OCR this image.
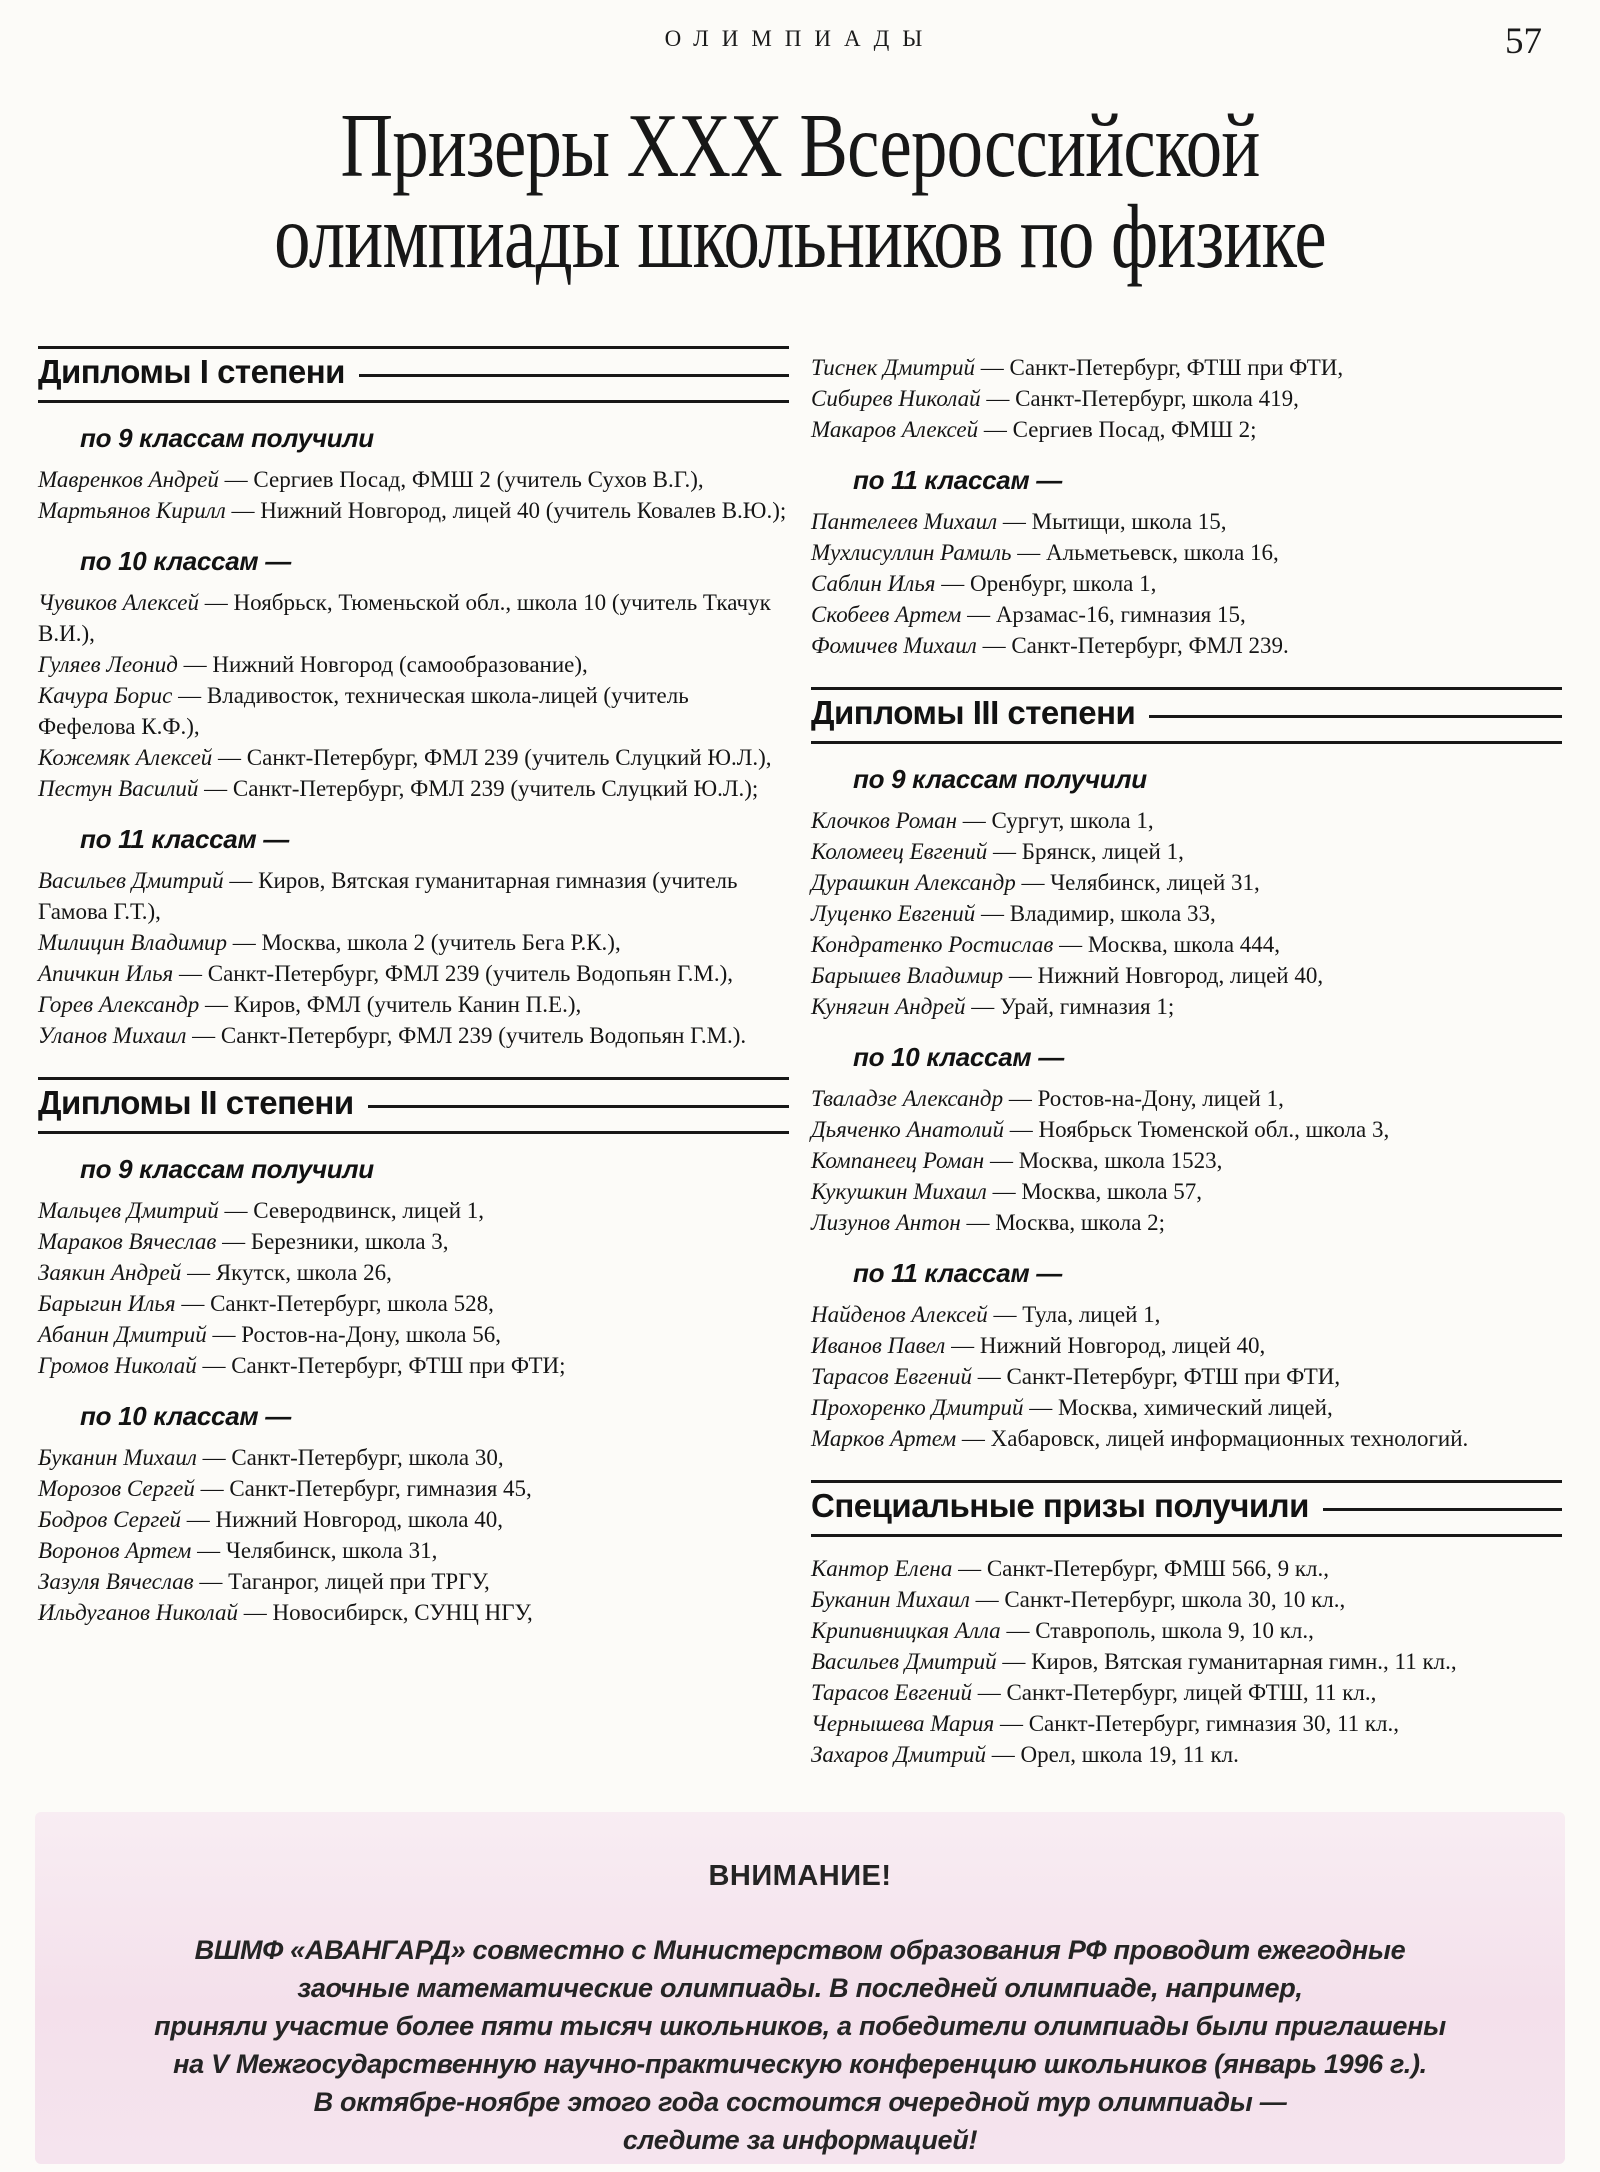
ОЛИМПИАДЫ	57
Призеры XXX Всероссийской
олимпиады школьников по физике
Дипломы I степени
по 9 классам получили
Мавренков Андрей — Сергиев Посад, ФМШ 2 (учитель Сухов В.Г.),
Мартьянов Кирилл — Нижний Новгород, лицей 40 (учитель Ковалев В.Ю.);
по 10 классам —
Чувиков Алексей — Ноябрьск, Тюменьской обл., школа 10 (учитель Ткачук В.И.),
Гуляев Леонид — Нижний Новгород (самообразование),
Качура Борис — Владивосток, техническая школа-лицей (учитель Фефелова К.Ф.),
Кожемяк Алексей — Санкт-Петербург, ФМЛ 239 (учитель Слуцкий Ю.Л.),
Пестун Василий — Санкт-Петербург, ФМЛ 239 (учитель Слуцкий Ю.Л.);
по 11 классам —
Васильев Дмитрий — Киров, Вятская гуманитарная гимназия (учитель Гамова Г.Т.),
Милицин Владимир — Москва, школа 2 (учитель Бега Р.К.),
Апичкин Илья — Санкт-Петербург, ФМЛ 239 (учитель Водопьян Г.М.),
Горев Александр — Киров, ФМЛ (учитель Канин П.Е.),
Уланов Михаил — Санкт-Петербург, ФМЛ 239 (учитель Водопьян Г.М.).
Дипломы II степени
по 9 классам получили
Мальцев Дмитрий — Северодвинск, лицей 1,
Мараков Вячеслав — Березники, школа 3,
Заякин Андрей — Якутск, школа 26,
Барыгин Илья — Санкт-Петербург, школа 528,
Абанин Дмитрий — Ростов-на-Дону, школа 56,
Громов Николай — Санкт-Петербург, ФТШ при ФТИ;
по 10 классам —
Буканин Михаил — Санкт-Петербург, школа 30,
Морозов Сергей — Санкт-Петербург, гимназия 45,
Бодров Сергей — Нижний Новгород, школа 40,
Воронов Артем — Челябинск, школа 31,
Зазуля Вячеслав — Таганрог, лицей при ТРГУ,
Ильдуганов Николай — Новосибирск, СУНЦ НГУ,
Тиснек Дмитрий — Санкт-Петербург, ФТШ при ФТИ,
Сибирев Николай — Санкт-Петербург, школа 419,
Макаров Алексей — Сергиев Посад, ФМШ 2;
по 11 классам —
Пантелеев Михаил — Мытищи, школа 15,
Мухлисуллин Рамиль — Альметьевск, школа 16,
Саблин Илья — Оренбург, школа 1,
Скобеев Артем — Арзамас-16, гимназия 15,
Фомичев Михаил — Санкт-Петербург, ФМЛ 239.
Дипломы III степени
по 9 классам получили
Клочков Роман — Сургут, школа 1,
Коломеец Евгений — Брянск, лицей 1,
Дурашкин Александр — Челябинск, лицей 31,
Луценко Евгений — Владимир, школа 33,
Кондратенко Ростислав — Москва, школа 444,
Барышев Владимир — Нижний Новгород, лицей 40,
Кунягин Андрей — Урай, гимназия 1;
по 10 классам —
Тваладзе Александр — Ростов-на-Дону, лицей 1,
Дьяченко Анатолий — Ноябрьск Тюменской обл., школа 3,
Компанеец Роман — Москва, школа 1523,
Кукушкин Михаил — Москва, школа 57,
Лизунов Антон — Москва, школа 2;
по 11 классам —
Найденов Алексей — Тула, лицей 1,
Иванов Павел — Нижний Новгород, лицей 40,
Тарасов Евгений — Санкт-Петербург, ФТШ при ФТИ,
Прохоренко Дмитрий — Москва, химический лицей,
Марков Артем — Хабаровск, лицей информационных технологий.
Специальные призы получили
Кантор Елена — Санкт-Петербург, ФМШ 566, 9 кл.,
Буканин Михаил — Санкт-Петербург, школа 30, 10 кл.,
Крипивницкая Алла — Ставрополь, школа 9, 10 кл.,
Васильев Дмитрий — Киров, Вятская гуманитарная гимн., 11 кл.,
Тарасов Евгений — Санкт-Петербург, лицей ФТШ, 11 кл.,
Чернышева Мария — Санкт-Петербург, гимназия 30, 11 кл.,
Захаров Дмитрий — Орел, школа 19, 11 кл.
ВНИМАНИЕ!
ВШМФ «АВАНГАРД» совместно с Министерством образования РФ проводит ежегодные
заочные математические олимпиады. В последней олимпиаде, например,
приняли участие более пяти тысяч школьников, а победители олимпиады были приглашены
на V Межгосударственную научно-практическую конференцию школьников (январь 1996 г.).
В октябре-ноябре этого года состоится очередной тур олимпиады —
следите за информацией!
